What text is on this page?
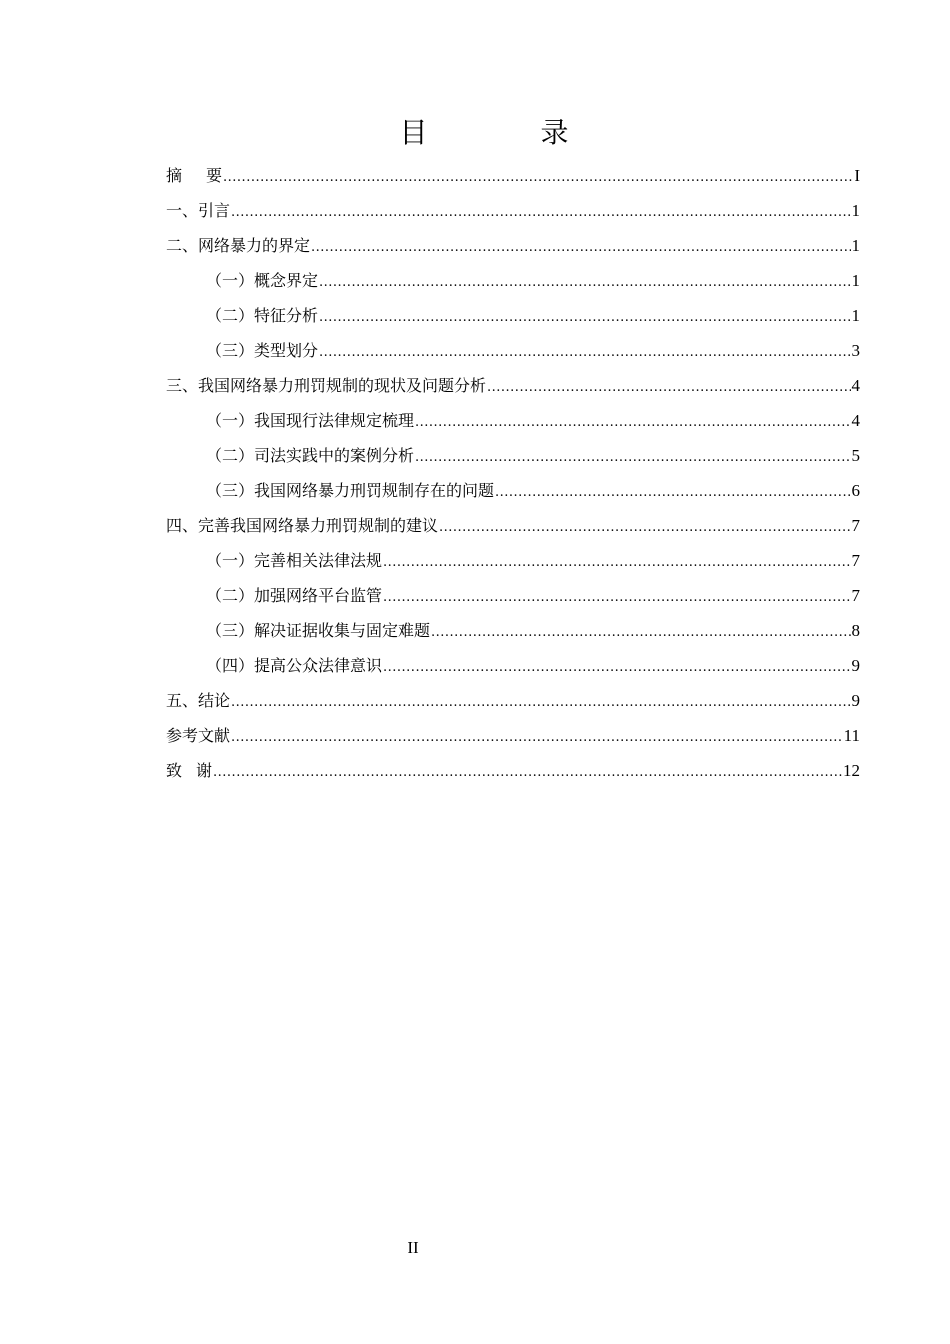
目 录
摘 要 .....	I
一、引言 .....	1
二、网络暴力的界定 .....	1
（一）概念界定 .....	1
（二）特征分析 .....	1
（三）类型划分 .....	3
三、我国网络暴力刑罚规制的现状及问题分析 .....	4
（一）我国现行法律规定梳理 .....	4
（二）司法实践中的案例分析 .....	5
（三）我国网络暴力刑罚规制存在的问题 .....	6
四、完善我国网络暴力刑罚规制的建议 .....	7
（一）完善相关法律法规 .....	7
（二）加强网络平台监管 .....	7
（三）解决证据收集与固定难题 .....	8
（四）提高公众法律意识 .....	9
五、结论 .....	9
参考文献 .....	11
致 谢 .....	12
II
